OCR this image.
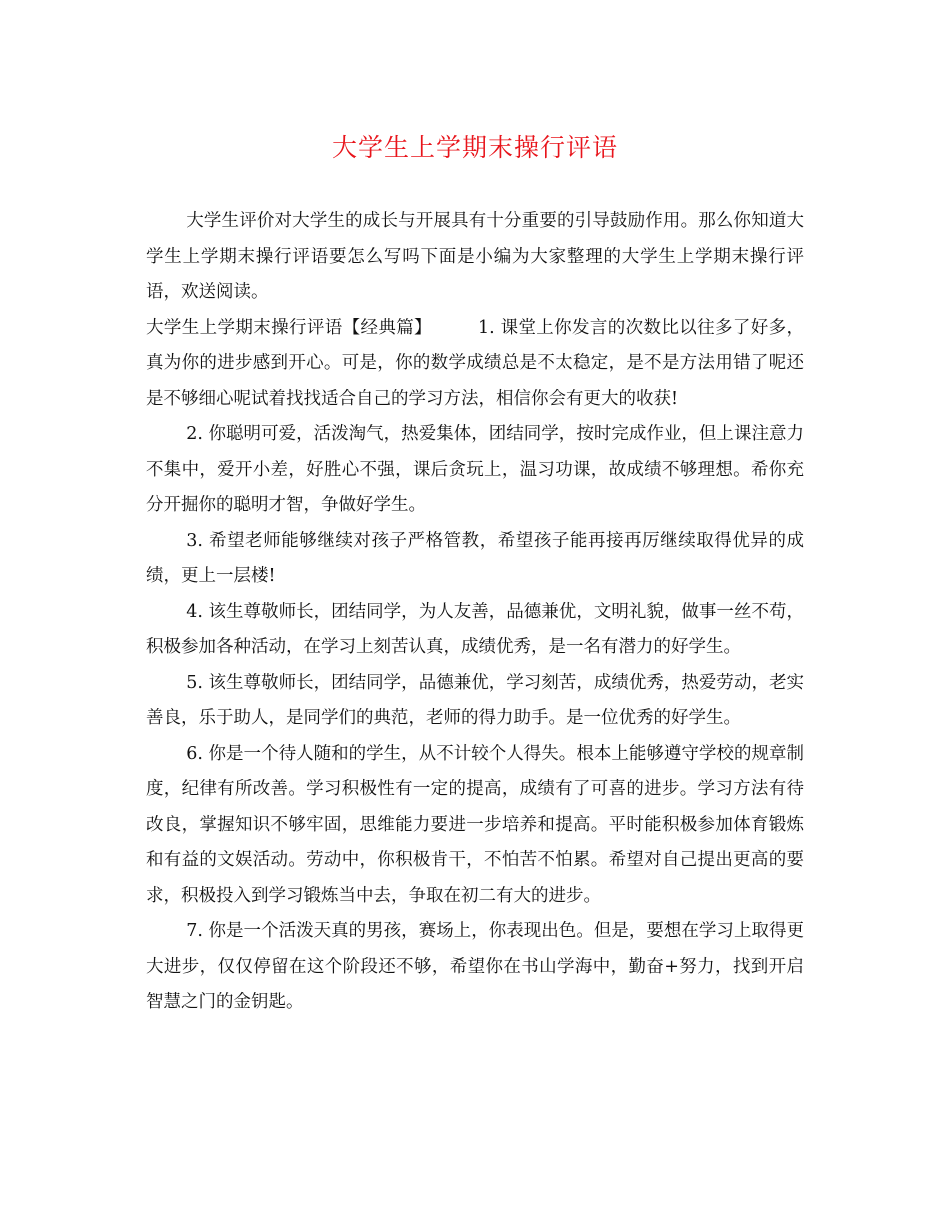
大学生上学期末操行评语

大学生评价对大学生的成长与开展具有十分重要的引导鼓励作用。那么你知道大学生上学期末操行评语要怎么写吗下面是小编为大家整理的大学生上学期末操行评语，欢送阅读。

大学生上学期末操行评语【经典篇】	1. 课堂上你发言的次数比以往多了好多，真为你的进步感到开心。可是，你的数学成绩总是不太稳定，是不是方法用错了呢还是不够细心呢试着找找适合自己的学习方法，相信你会有更大的收获!

2. 你聪明可爱，活泼淘气，热爱集体，团结同学，按时完成作业，但上课注意力不集中，爱开小差，好胜心不强，课后贪玩上，温习功课，故成绩不够理想。希你充分开掘你的聪明才智，争做好学生。

3. 希望老师能够继续对孩子严格管教，希望孩子能再接再厉继续取得优异的成绩，更上一层楼!

4. 该生尊敬师长，团结同学，为人友善，品德兼优，文明礼貌，做事一丝不苟，积极参加各种活动，在学习上刻苦认真，成绩优秀，是一名有潜力的好学生。

5. 该生尊敬师长，团结同学，品德兼优，学习刻苦，成绩优秀，热爱劳动，老实善良，乐于助人，是同学们的典范，老师的得力助手。是一位优秀的好学生。

6. 你是一个待人随和的学生，从不计较个人得失。根本上能够遵守学校的规章制度，纪律有所改善。学习积极性有一定的提高，成绩有了可喜的进步。学习方法有待改良，掌握知识不够牢固，思维能力要进一步培养和提高。平时能积极参加体育锻炼和有益的文娱活动。劳动中，你积极肯干，不怕苦不怕累。希望对自己提出更高的要求，积极投入到学习锻炼当中去，争取在初二有大的进步。

7. 你是一个活泼天真的男孩，赛场上，你表现出色。但是，要想在学习上取得更大进步，仅仅停留在这个阶段还不够，希望你在书山学海中，勤奋+努力，找到开启智慧之门的金钥匙。
